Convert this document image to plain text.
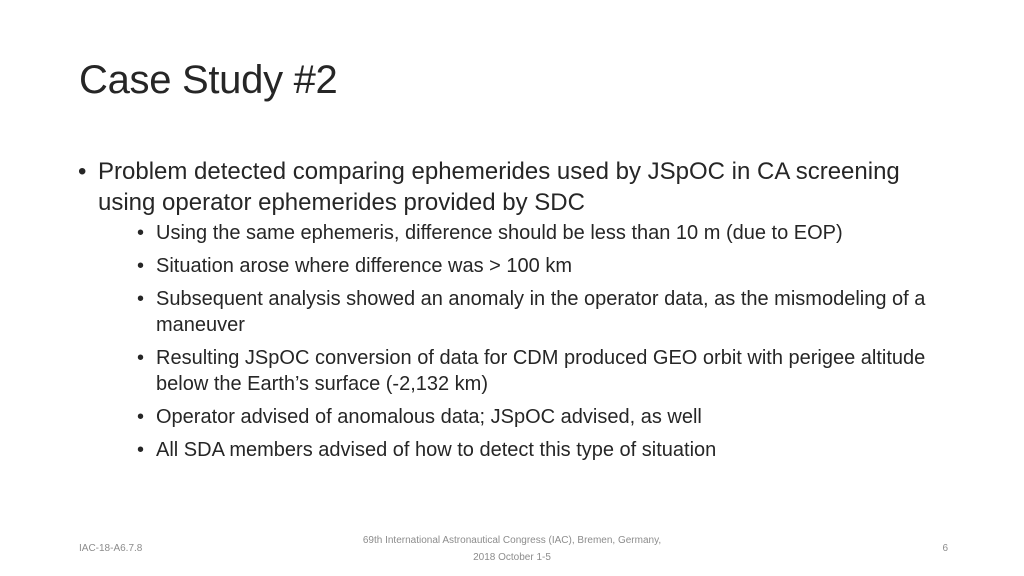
Case Study #2
• Problem detected comparing ephemerides used by JSpOC in CA screening using operator ephemerides provided by SDC
• Using the same ephemeris, difference should be less than 10 m (due to EOP)
• Situation arose where difference was > 100 km
• Subsequent analysis showed an anomaly in the operator data, as the mismodeling of a maneuver
• Resulting JSpOC conversion of data for CDM produced GEO orbit with perigee altitude below the Earth’s surface (-2,132 km)
• Operator advised of anomalous data; JSpOC advised, as well
• All SDA members advised of how to detect this type of situation
IAC-18-A6.7.8
69th International Astronautical Congress (IAC), Bremen, Germany, 2018 October 1-5
6
